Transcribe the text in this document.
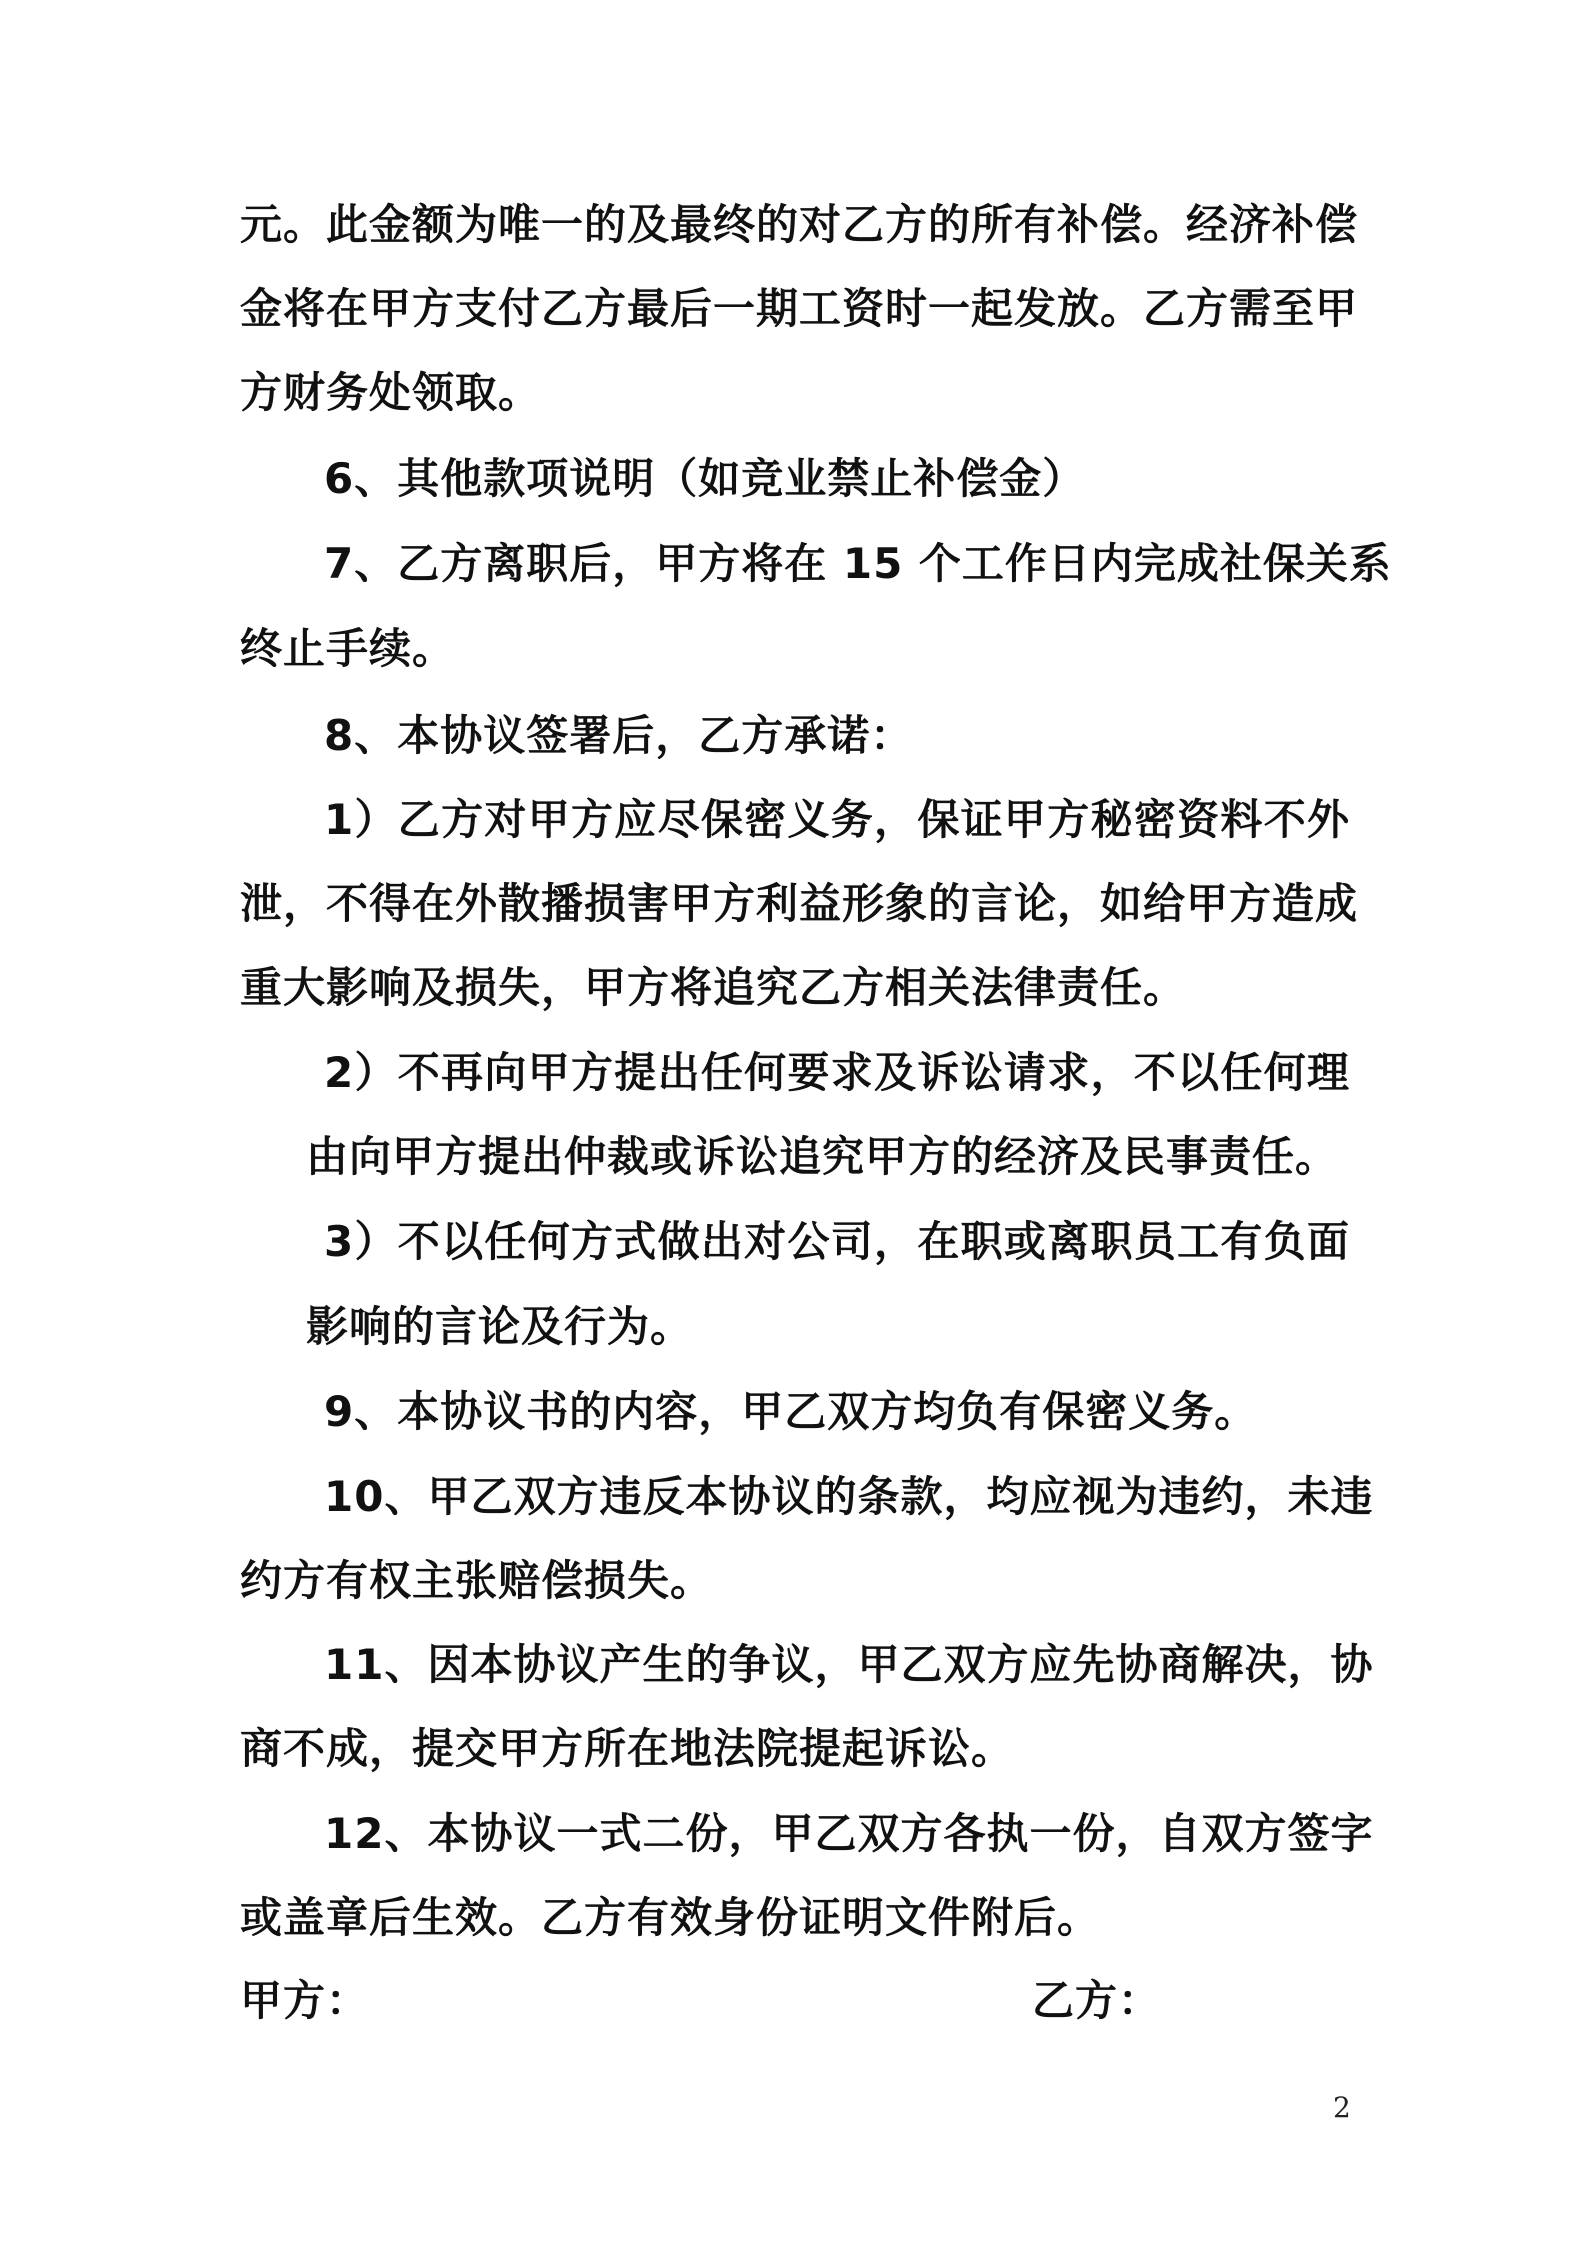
元。此金额为唯一的及最终的对乙方的所有补偿。经济补偿
金将在甲方支付乙方最后一期工资时一起发放。乙方需至甲
方财务处领取。
6、其他款项说明（如竞业禁止补偿金）
7、乙方离职后，甲方将在 15 个工作日内完成社保关系
终止手续。
8、本协议签署后，乙方承诺：
1）乙方对甲方应尽保密义务，保证甲方秘密资料不外
泄，不得在外散播损害甲方利益形象的言论，如给甲方造成
重大影响及损失，甲方将追究乙方相关法律责任。
2）不再向甲方提出任何要求及诉讼请求，不以任何理
由向甲方提出仲裁或诉讼追究甲方的经济及民事责任。
3）不以任何方式做出对公司，在职或离职员工有负面
影响的言论及行为。
9、本协议书的内容，甲乙双方均负有保密义务。
10、甲乙双方违反本协议的条款，均应视为违约，未违
约方有权主张赔偿损失。
11、因本协议产生的争议，甲乙双方应先协商解决，协
商不成，提交甲方所在地法院提起诉讼。
12、本协议一式二份，甲乙双方各执一份，自双方签字
或盖章后生效。乙方有效身份证明文件附后。
甲方：	乙方：
2
